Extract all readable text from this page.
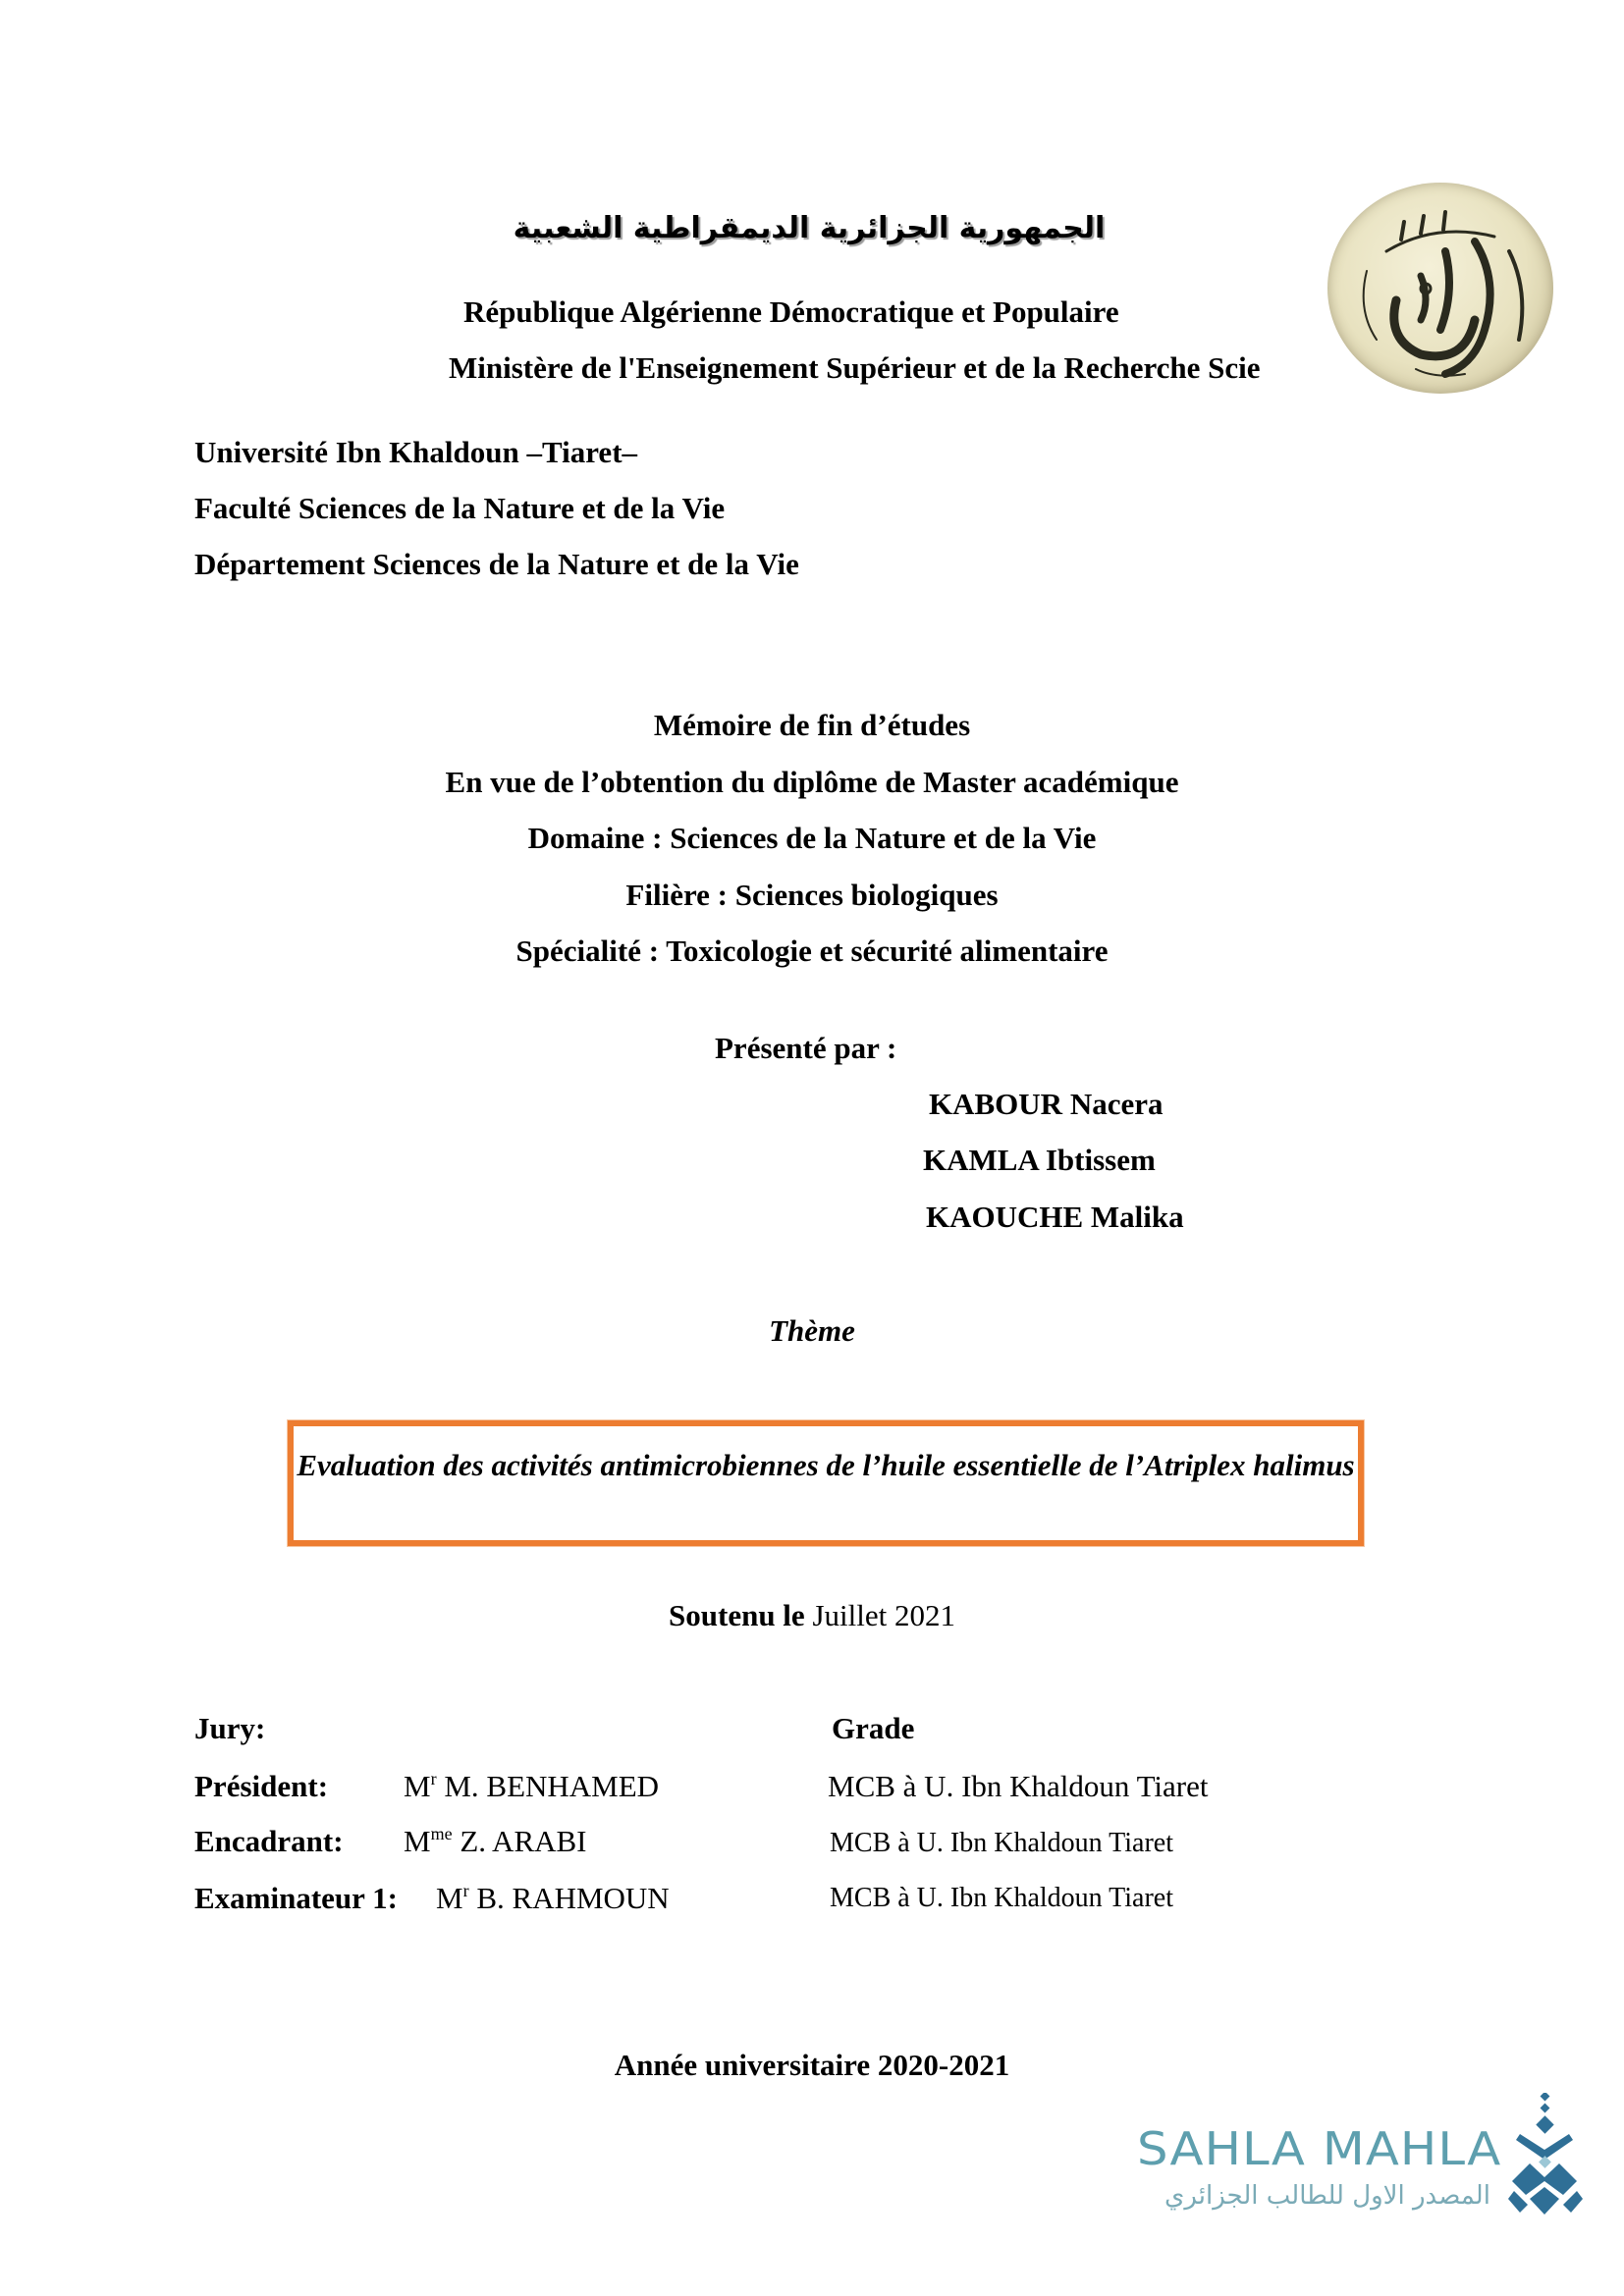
الجمهورية الجزائرية الديمقراطية الشعبية
République Algérienne Démocratique et Populaire
Ministère de l'Enseignement Supérieur et de la Recherche Scie
Université Ibn Khaldoun –Tiaret–
Faculté Sciences de la Nature et de la Vie
Département Sciences de la Nature et de la Vie
Mémoire de fin d’études
En vue de l’obtention du diplôme de Master académique
Domaine : Sciences de la Nature et de la Vie
Filière : Sciences biologiques
Spécialité : Toxicologie et sécurité alimentaire
Présenté par :
KABOUR Nacera
KAMLA Ibtissem
KAOUCHE Malika
Thème
Evaluation des activités antimicrobiennes de l’huile essentielle de l’Atriplex halimus
Soutenu le Juillet 2021
Jury:	Grade
Président: $M^r$ M. BENHAMED	MCB à U. Ibn Khaldoun Tiaret
Encadrant: $M^{me}$ Z. ARABI	MCB à U. Ibn Khaldoun Tiaret
Examinateur 1: $M^r$ B. RAHMOUN	MCB à U. Ibn Khaldoun Tiaret
Année universitaire 2020-2021
SAHLA MAHLA
المصدر الاول للطالب الجزائري
